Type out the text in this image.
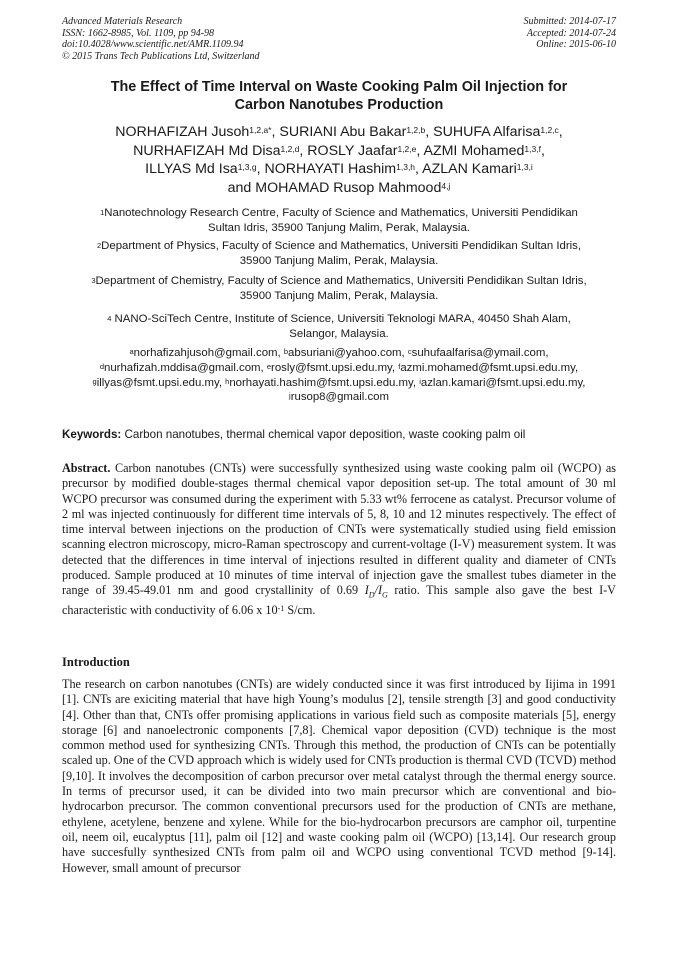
Advanced Materials Research
ISSN: 1662-8985, Vol. 1109, pp 94-98
doi:10.4028/www.scientific.net/AMR.1109.94
© 2015 Trans Tech Publications Ltd, Switzerland
Submitted: 2014-07-17
Accepted: 2014-07-24
Online: 2015-06-10
The Effect of Time Interval on Waste Cooking Palm Oil Injection for
Carbon Nanotubes Production
NORHAFIZAH Jusoh$^{1,2,a*}$, SURIANI Abu Bakar$^{1,2,b}$, SUHUFA Alfarisa$^{1,2,c}$,
NURHAFIZAH Md Disa$^{1,2,d}$, ROSLY Jaafar$^{1,2,e}$, AZMI Mohamed$^{1,3,f}$,
ILLYAS Md Isa$^{1,3,g}$, NORHAYATI Hashim$^{1,3,h}$, AZLAN Kamari$^{1,3,i}$
and MOHAMAD Rusop Mahmood$^{4,j}$
$^1$Nanotechnology Research Centre, Faculty of Science and Mathematics, Universiti Pendidikan
Sultan Idris, 35900 Tanjung Malim, Perak, Malaysia.
$^2$Department of Physics, Faculty of Science and Mathematics, Universiti Pendidikan Sultan Idris,
35900 Tanjung Malim, Perak, Malaysia.
$^3$Department of Chemistry, Faculty of Science and Mathematics, Universiti Pendidikan Sultan Idris,
35900 Tanjung Malim, Perak, Malaysia.
$^4$ NANO-SciTech Centre, Institute of Science, Universiti Teknologi MARA, 40450 Shah Alam,
Selangor, Malaysia.
$^a$norhafizahjusoh@gmail.com, $^b$absuriani@yahoo.com, $^c$suhufaalfarisa@ymail.com,
$^d$nurhafizah.mddisa@gmail.com, $^e$rosly@fsmt.upsi.edu.my, $^f$azmi.mohamed@fsmt.upsi.edu.my,
$^g$illyas@fsmt.upsi.edu.my, $^h$norhayati.hashim@fsmt.upsi.edu.my, $^i$azlan.kamari@fsmt.upsi.edu.my,
$^j$rusop8@gmail.com
Keywords: Carbon nanotubes, thermal chemical vapor deposition, waste cooking palm oil
Abstract. Carbon nanotubes (CNTs) were successfully synthesized using waste cooking palm oil (WCPO) as precursor by modified double-stages thermal chemical vapor deposition set-up. The total amount of 30 ml WCPO precursor was consumed during the experiment with 5.33 wt% ferrocene as catalyst. Precursor volume of 2 ml was injected continuously for different time intervals of 5, 8, 10 and 12 minutes respectively. The effect of time interval between injections on the production of CNTs were systematically studied using field emission scanning electron microscopy, micro-Raman spectroscopy and current-voltage (I-V) measurement system. It was detected that the differences in time interval of injections resulted in different quality and diameter of CNTs produced. Sample produced at 10 minutes of time interval of injection gave the smallest tubes diameter in the range of 39.45-49.01 nm and good crystallinity of 0.69 $I_D/I_G$ ratio. This sample also gave the best I-V characteristic with conductivity of 6.06 x $10^{-1}$ S/cm.
Introduction
The research on carbon nanotubes (CNTs) are widely conducted since it was first introduced by Iijima in 1991 [1]. CNTs are exiciting material that have high Young’s modulus [2], tensile strength [3] and good conductivity [4]. Other than that, CNTs offer promising applications in various field such as composite materials [5], energy storage [6] and nanoelectronic components [7,8]. Chemical vapor deposition (CVD) technique is the most common method used for synthesizing CNTs. Through this method, the production of CNTs can be potentially scaled up. One of the CVD approach which is widely used for CNTs production is thermal CVD (TCVD) method [9,10]. It involves the decomposition of carbon precursor over metal catalyst through the thermal energy source. In terms of precursor used, it can be divided into two main precursor which are conventional and bio-hydrocarbon precursor. The common conventional precursors used for the production of CNTs are methane, ethylene, acetylene, benzene and xylene. While for the bio-hydrocarbon precursors are camphor oil, turpentine oil, neem oil, eucalyptus [11], palm oil [12] and waste cooking palm oil (WCPO) [13,14]. Our research group have succesfully synthesized CNTs from palm oil and WCPO using conventional TCVD method [9-14]. However, small amount of precursor
